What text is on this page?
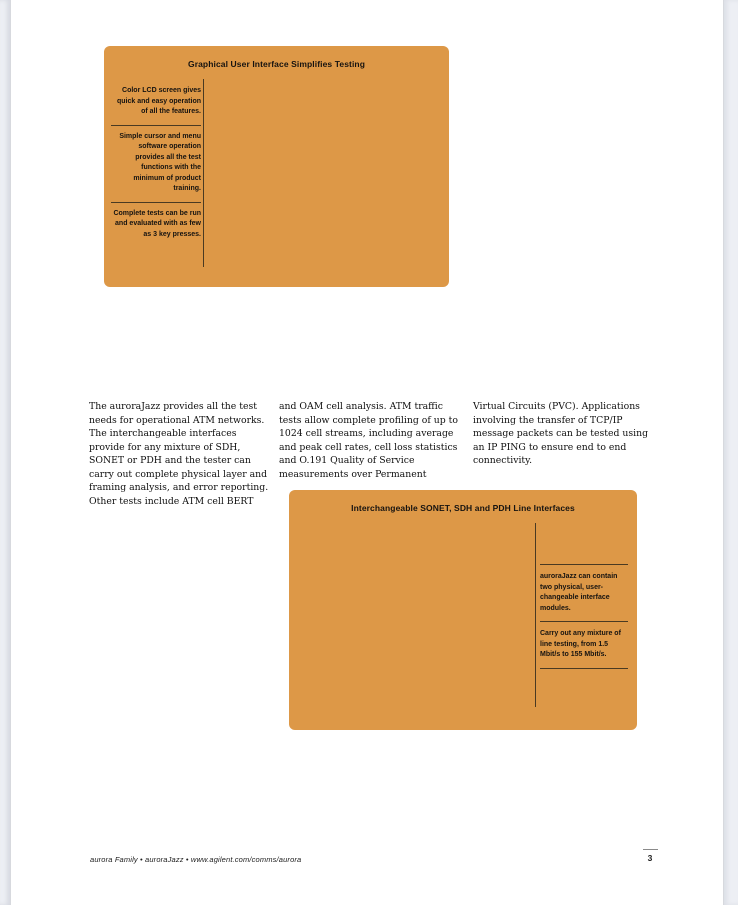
Graphical User Interface Simplifies Testing
Color LCD screen gives quick and easy operation of all the features.
Simple cursor and menu software operation provides all the test functions with the minimum of product training.
Complete tests can be run and evaluated with as few as 3 key presses.
The auroraJazz provides all the test needs for operational ATM networks. The interchangeable interfaces provide for any mixture of SDH, SONET or PDH and the tester can carry out complete physical layer and framing analysis, and error reporting. Other tests include ATM cell BERT
and OAM cell analysis. ATM traffic tests allow complete profiling of up to 1024 cell streams, including average and peak cell rates, cell loss statistics and O.191 Quality of Service measurements over Permanent
Virtual Circuits (PVC). Applications involving the transfer of TCP/IP message packets can be tested using an IP PING to ensure end to end connectivity.
Interchangeable SONET, SDH and PDH Line Interfaces
auroraJazz can contain two physical, user-changeable interface modules.
Carry out any mixture of line testing, from 1.5 Mbit/s to 155 Mbit/s.
aurora Family • auroraJazz • www.agilent.com/comms/aurora	3
